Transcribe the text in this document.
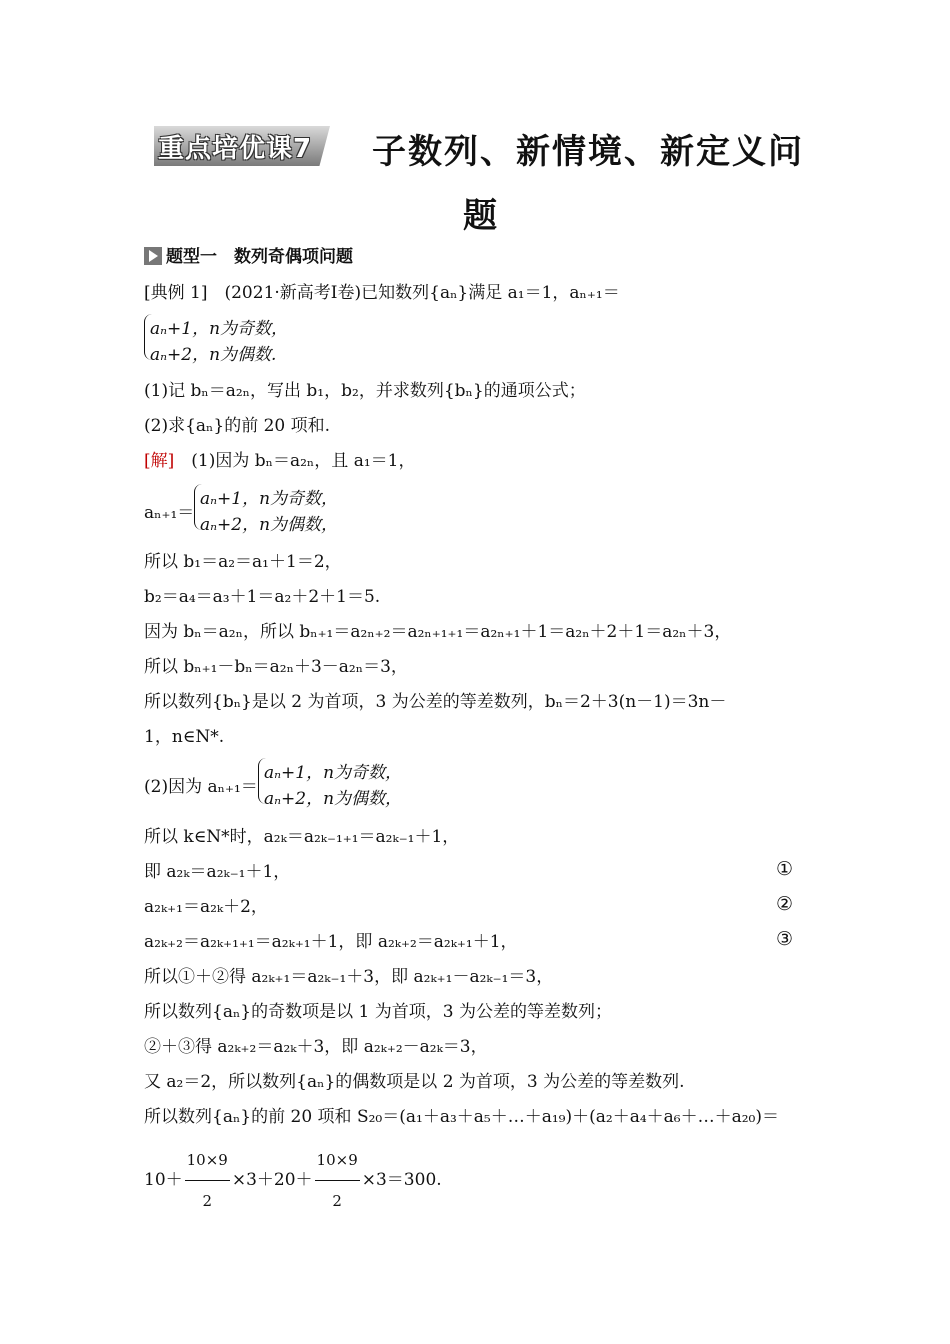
重点培优课7 子数列、新情境、新定义问
题
题型一　数列奇偶项问题
[典例 1]　(2021·新高考Ⅰ卷)已知数列{aₙ}满足 a₁＝1，aₙ₊₁＝
aₙ+1，n为奇数，
aₙ+2，n为偶数.
(1)记 bₙ＝a₂ₙ，写出 b₁，b₂，并求数列{bₙ}的通项公式；
(2)求{aₙ}的前 20 项和.
[解]　(1)因为 bₙ＝a₂ₙ，且 a₁＝1，
aₙ₊₁＝
aₙ+1，n为奇数，
aₙ+2，n为偶数，
所以 b₁＝a₂＝a₁＋1＝2，
b₂＝a₄＝a₃＋1＝a₂＋2＋1＝5.
因为 bₙ＝a₂ₙ，所以 bₙ₊₁＝a₂ₙ₊₂＝a₂ₙ₊₁₊₁＝a₂ₙ₊₁＋1＝a₂ₙ＋2＋1＝a₂ₙ＋3，
所以 bₙ₊₁－bₙ＝a₂ₙ＋3－a₂ₙ＝3，
所以数列{bₙ}是以 2 为首项，3 为公差的等差数列，bₙ＝2＋3(n－1)＝3n－
1，n∈N*.
(2)因为 aₙ₊₁＝
aₙ+1，n为奇数，
aₙ+2，n为偶数，
所以 k∈N*时，a₂ₖ＝a₂ₖ₋₁₊₁＝a₂ₖ₋₁＋1，
即 a₂ₖ＝a₂ₖ₋₁＋1，	①
a₂ₖ₊₁＝a₂ₖ＋2，	②
a₂ₖ₊₂＝a₂ₖ₊₁₊₁＝a₂ₖ₊₁＋1，即 a₂ₖ₊₂＝a₂ₖ₊₁＋1，	③
所以①＋②得 a₂ₖ₊₁＝a₂ₖ₋₁＋3，即 a₂ₖ₊₁－a₂ₖ₋₁＝3，
所以数列{aₙ}的奇数项是以 1 为首项，3 为公差的等差数列；
②＋③得 a₂ₖ₊₂＝a₂ₖ＋3，即 a₂ₖ₊₂－a₂ₖ＝3，
又 a₂＝2，所以数列{aₙ}的偶数项是以 2 为首项，3 为公差的等差数列.
所以数列{aₙ}的前 20 项和 S₂₀＝(a₁＋a₃＋a₅＋…＋a₁₉)＋(a₂＋a₄＋a₆＋…＋a₂₀)＝
$10+ \frac{10\times 9}{2} \times 3+20+ \frac{10\times 9}{2} \times 3=300$.
